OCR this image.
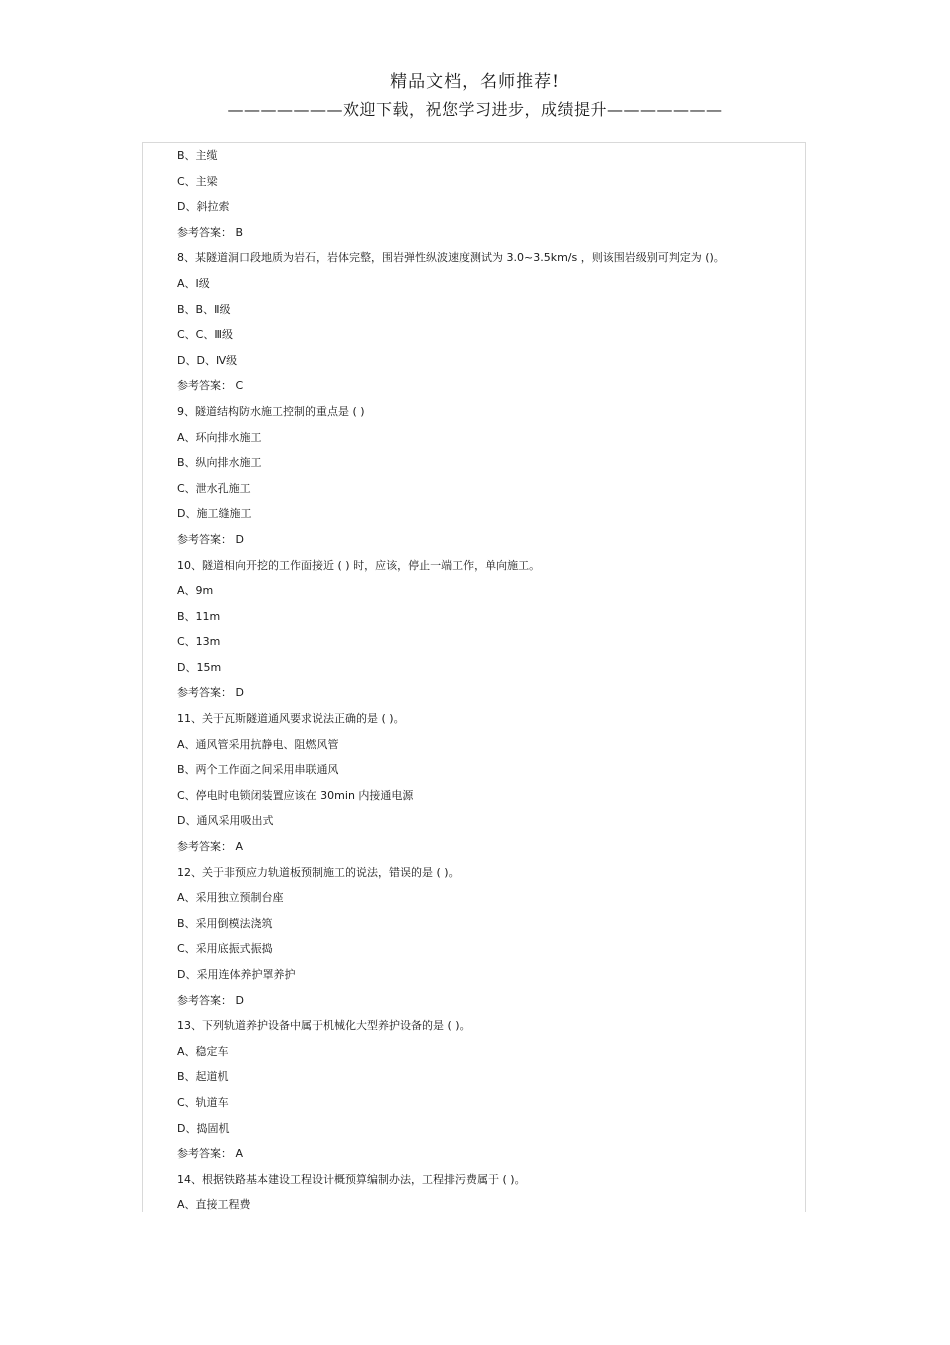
精品文档，名师推荐!
———————欢迎下载，祝您学习进步，成绩提升———————
B、主缆
C、主梁
D、斜拉索
参考答案： B
8、某隧道洞口段地质为岩石，岩体完整，围岩弹性纵波速度测试为 3.0~3.5km/s ，则该围岩级别可判定为 ()。
A、Ⅰ级
B、B、Ⅱ级
C、C、Ⅲ级
D、D、Ⅳ级
参考答案： C
9、隧道结构防水施工控制的重点是 ( )
A、环向排水施工
B、纵向排水施工
C、泄水孔施工
D、施工缝施工
参考答案： D
10、隧道相向开挖的工作面接近 ( ) 时，应该，停止一端工作，单向施工。
A、9m
B、11m
C、13m
D、15m
参考答案： D
11、关于瓦斯隧道通风要求说法正确的是 ( )。
A、通风管采用抗静电、阻燃风管
B、两个工作面之间采用串联通风
C、停电时电锁闭装置应该在 30min 内接通电源
D、通风采用吸出式
参考答案： A
12、关于非预应力轨道板预制施工的说法，错误的是 ( )。
A、采用独立预制台座
B、采用倒模法浇筑
C、采用底振式振捣
D、采用连体养护罩养护
参考答案： D
13、下列轨道养护设备中属于机械化大型养护设备的是 ( )。
A、稳定车
B、起道机
C、轨道车
D、捣固机
参考答案： A
14、根据铁路基本建设工程设计概预算编制办法，工程排污费属于 ( )。
A、直接工程费
